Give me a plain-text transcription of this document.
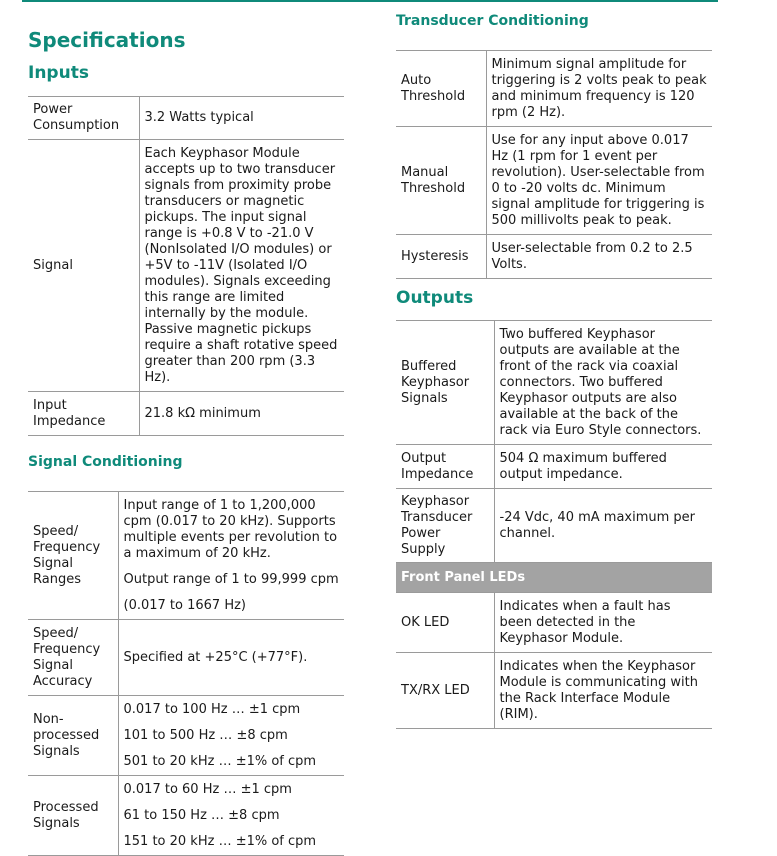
Specifications
Inputs
Power Consumption	3.2 Watts typical
Signal	Each Keyphasor Module accepts up to two transducer signals from proximity probe transducers or magnetic pickups. The input signal range is +0.8 V to -21.0 V (NonIsolated I/O modules) or +5V to -11V (Isolated I/O modules). Signals exceeding this range are limited internally by the module. Passive magnetic pickups require a shaft rotative speed greater than 200 rpm (3.3 Hz).
Input Impedance	21.8 kΩ minimum
Signal Conditioning
Speed/ Frequency Signal Ranges	Input range of 1 to 1,200,000 cpm (0.017 to 20 kHz). Supports multiple events per revolution to a maximum of 20 kHz.

Output range of 1 to 99,999 cpm

(0.017 to 1667 Hz)

Speed/ Frequency Signal Accuracy	Specified at +25°C (+77°F).

Non-processed Signals	0.017 to 100 Hz … ±1 cpm

101 to 500 Hz … ±8 cpm

501 to 20 kHz … ±1% of cpm

Processed Signals	0.017 to 60 Hz … ±1 cpm

61 to 150 Hz … ±8 cpm

151 to 20 kHz … ±1% of cpm

Transducer Conditioning
Auto Threshold	Minimum signal amplitude for triggering is 2 volts peak to peak and minimum frequency is 120 rpm (2 Hz).
Manual Threshold	Use for any input above 0.017 Hz (1 rpm for 1 event per revolution). User-selectable from 0 to -20 volts dc. Minimum signal amplitude for triggering is 500 millivolts peak to peak.
Hysteresis	User-selectable from 0.2 to 2.5 Volts.
Outputs
Buffered Keyphasor Signals	Two buffered Keyphasor outputs are available at the front of the rack via coaxial connectors. Two buffered Keyphasor outputs are also available at the back of the rack via Euro Style connectors.
Output Impedance	504 Ω maximum buffered output impedance.
Keyphasor Transducer Power Supply	-24 Vdc, 40 mA maximum per channel.
Front Panel LEDs	
OK LED	Indicates when a fault has been detected in the Keyphasor Module.
TX/RX LED	Indicates when the Keyphasor Module is communicating with the Rack Interface Module (RIM).
